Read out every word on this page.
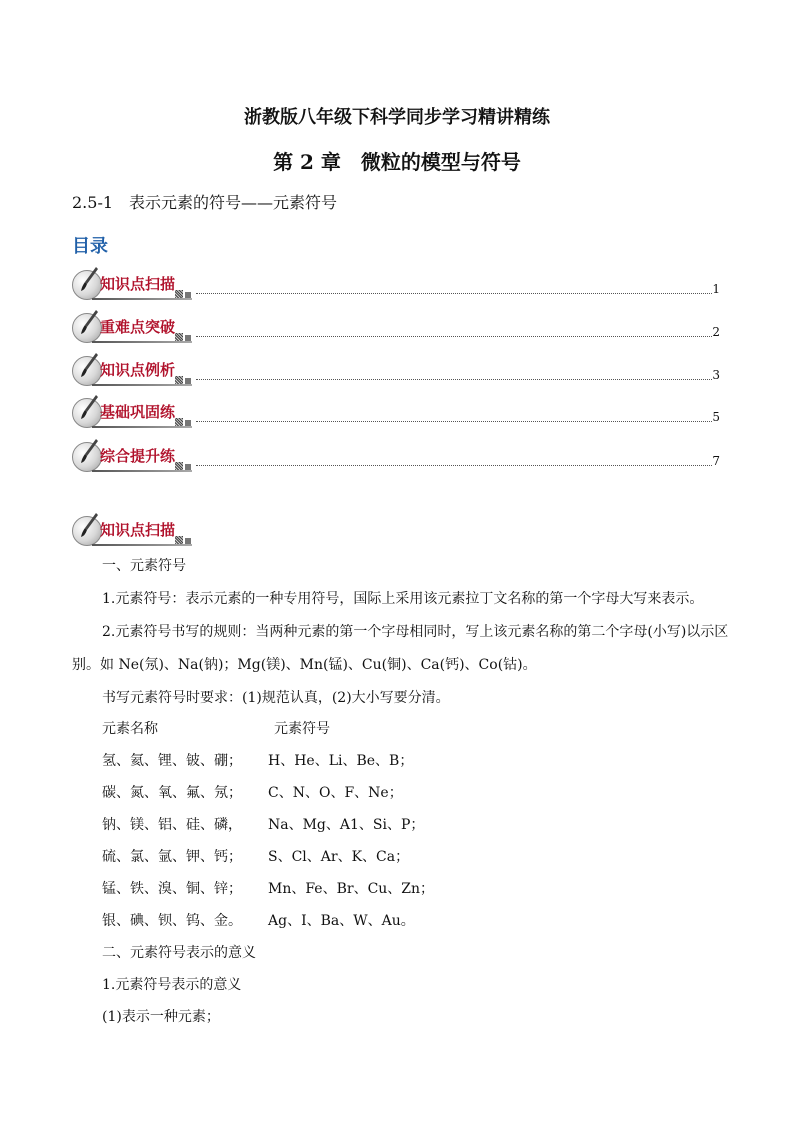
浙教版八年级下科学同步学习精讲精练
第 2 章　微粒的模型与符号
2.5-1　表示元素的符号——元素符号
目录
知识点扫描	1
重难点突破	2
知识点例析	3
基础巩固练	5
综合提升练	7
知识点扫描
一、元素符号
1.元素符号：表示元素的一种专用符号，国际上采用该元素拉丁文名称的第一个字母大写来表示。
2.元素符号书写的规则：当两种元素的第一个字母相同时，写上该元素名称的第二个字母(小写)以示区
别。如 Ne(氖)、Na(钠)；Mg(镁)、Mn(锰)、Cu(铜)、Ca(钙)、Co(钴)。
书写元素符号时要求：(1)规范认真，(2)大小写要分清。
元素名称	元素符号
氢、氦、锂、铍、硼； H、He、Li、Be、B；
碳、氮、氧、氟、氖； C、N、O、F、Ne；
钠、镁、铝、硅、磷， Na、Mg、A1、Si、P；
硫、氯、氩、钾、钙； S、Cl、Ar、K、Ca；
锰、铁、溴、铜、锌； Mn、Fe、Br、Cu、Zn；
银、碘、钡、钨、金。 Ag、I、Ba、W、Au。
二、元素符号表示的意义
1.元素符号表示的意义
(1)表示一种元素；
